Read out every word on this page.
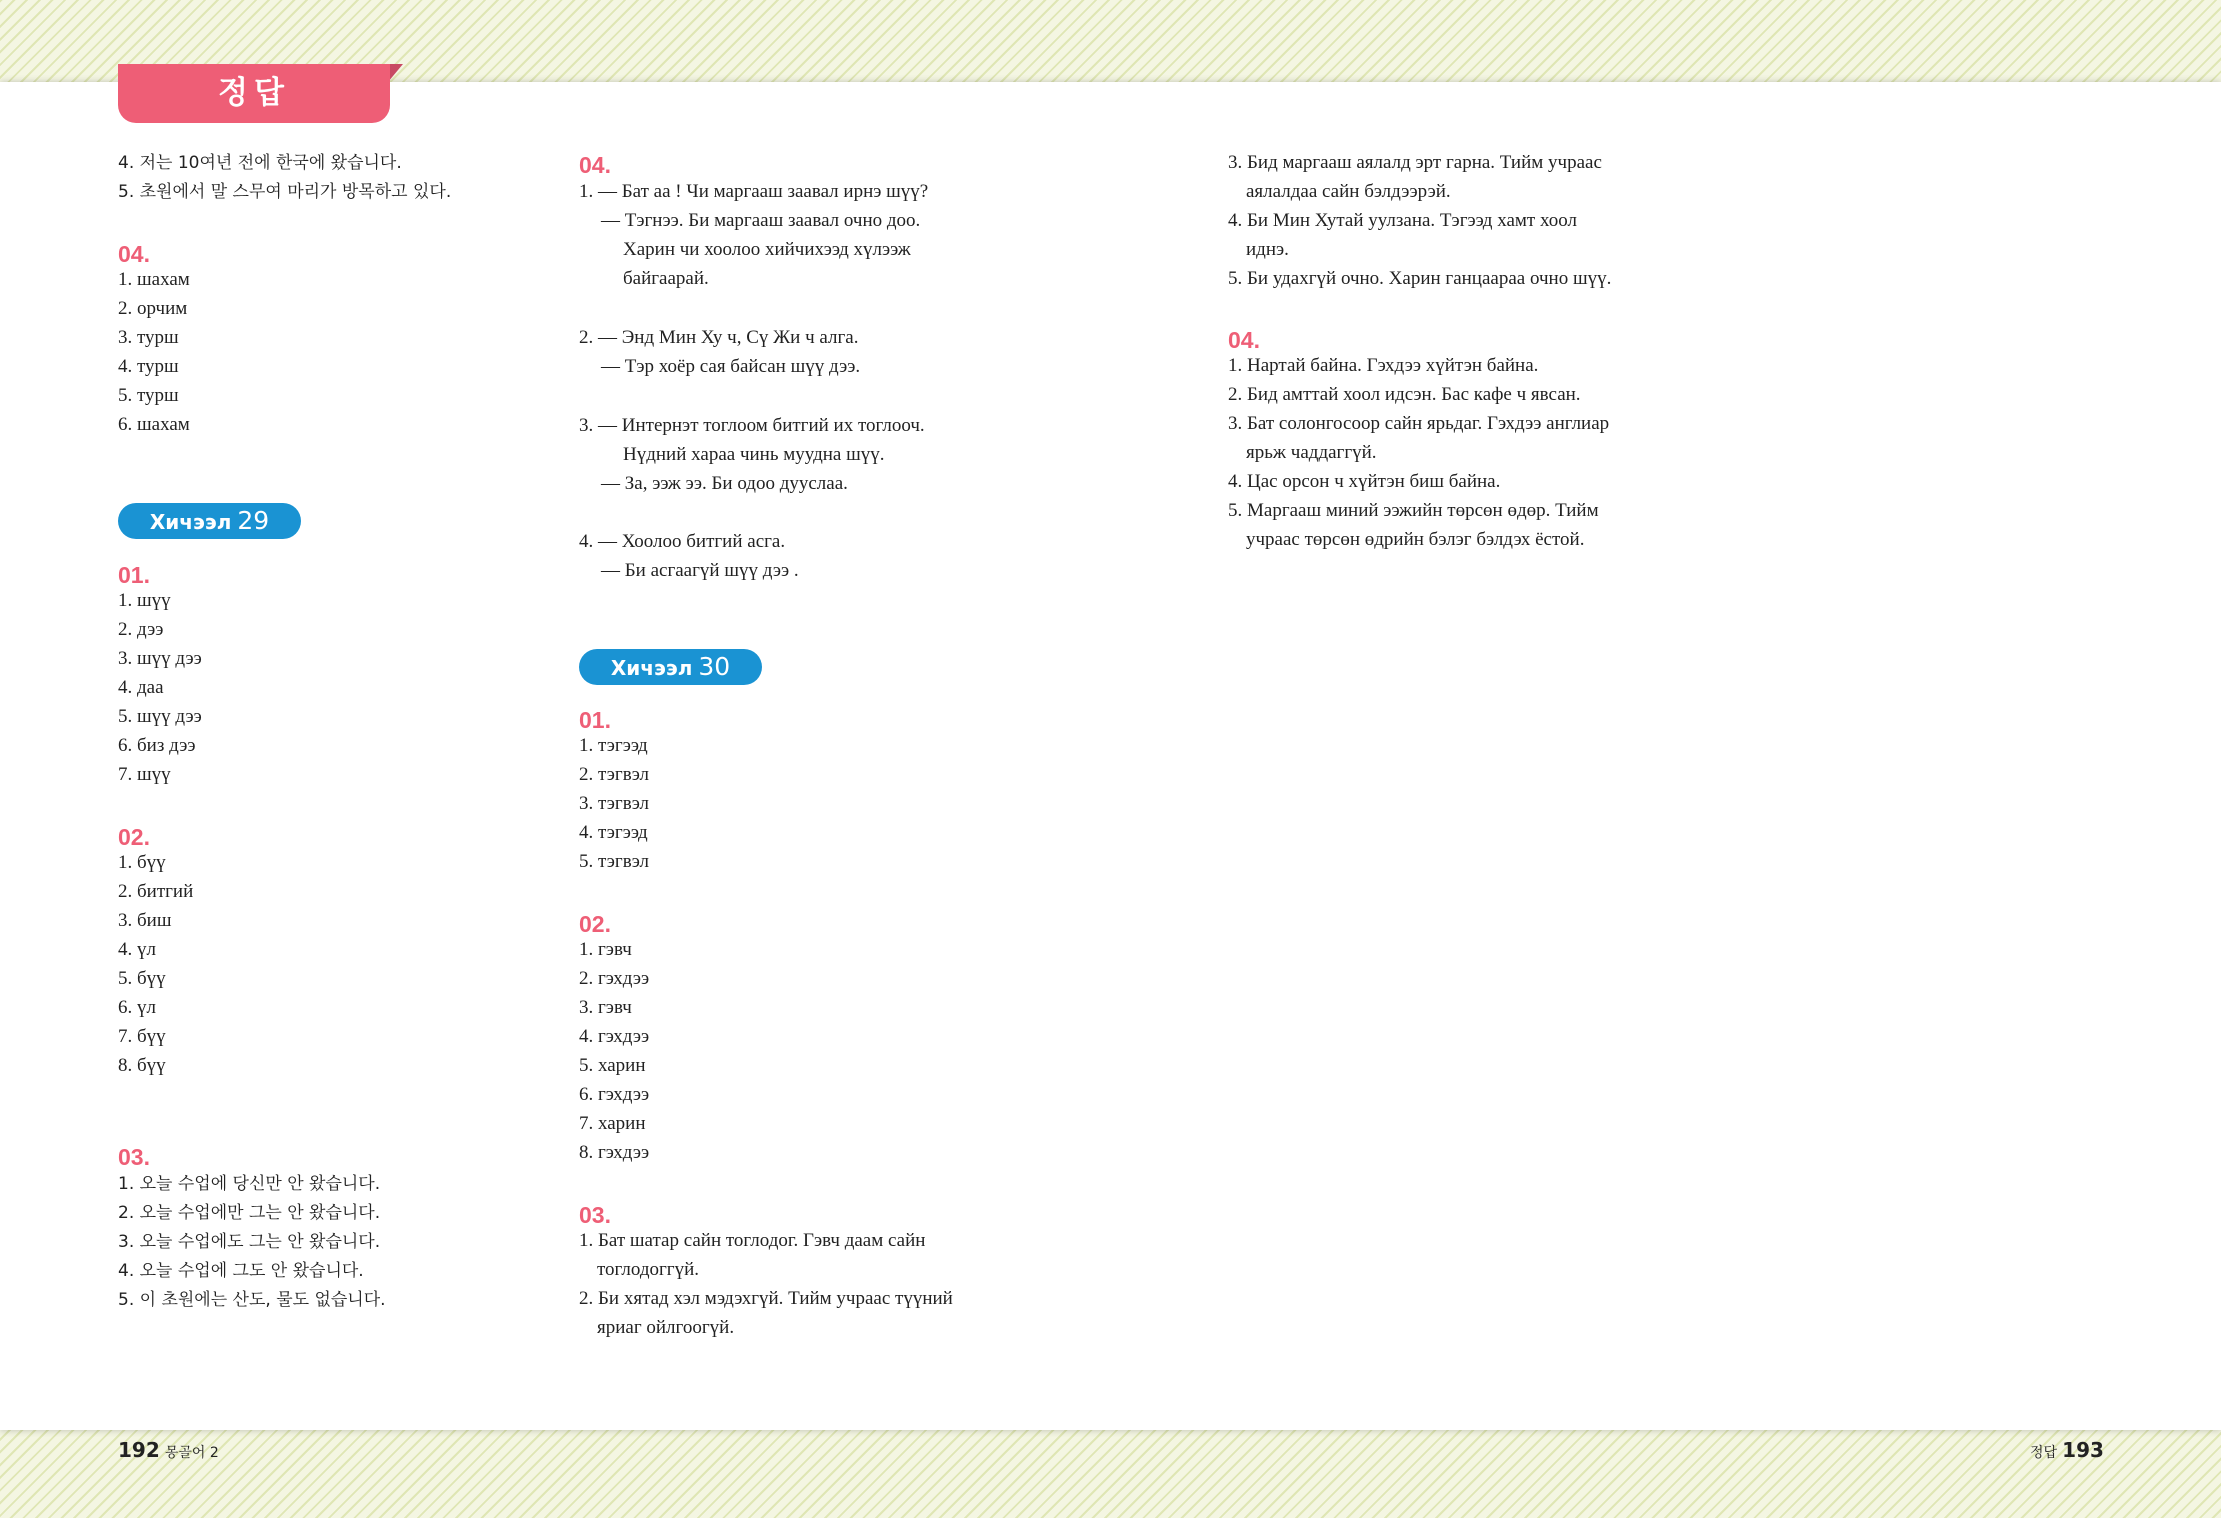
정답
4. 저는 10여년 전에 한국에 왔습니다.
5. 초원에서 말 스무여 마리가 방목하고 있다.
04.
1. шахам
2. орчим
3. турш
4. турш
5. турш
6. шахам
Хичээл 29
01.
1. шүү
2. дээ
3. шүү дээ
4. даа
5. шүү дээ
6. биз дээ
7. шүү
02.
1. бүү
2. битгий
3. биш
4. үл
5. бүү
6. үл
7. бүү
8. бүү
03.
1. 오늘 수업에 당신만 안 왔습니다.
2. 오늘 수업에만 그는 안 왔습니다.
3. 오늘 수업에도 그는 안 왔습니다.
4. 오늘 수업에 그도 안 왔습니다.
5. 이 초원에는 산도, 물도 없습니다.
04.
1. — Бат аа ! Чи маргааш заавал ирнэ шүү?
— Тэгнээ. Би маргааш заавал очно доо.
Харин чи хоолоо хийчихээд хүлээж
байгаарай.
2. — Энд Мин Ху ч, Сү Жи ч алга.
— Тэр хоёр сая байсан шүү дээ.
3. — Интернэт тоглоом битгий их тоглооч.
Нүдний хараа чинь муудна шүү.
— За, ээж ээ. Би одоо дууслаа.
4. — Хоолоо битгий асга.
— Би асгаагүй шүү дээ .
Хичээл 30
01.
1. тэгээд
2. тэгвэл
3. тэгвэл
4. тэгээд
5. тэгвэл
02.
1. гэвч
2. гэхдээ
3. гэвч
4. гэхдээ
5. харин
6. гэхдээ
7. харин
8. гэхдээ
03.
1. Бат шатар сайн тоглодог. Гэвч даам сайн
тоглодоггүй.
2. Би хятад хэл мэдэхгүй. Тийм учраас түүний
яриаг ойлгоогүй.
3. Бид маргааш аялалд эрт гарна. Тийм учраас
аялалдаа сайн бэлдээрэй.
4. Би Мин Хутай уулзана. Тэгээд хамт хоол
иднэ.
5. Би удахгүй очно. Харин ганцаараа очно шүү.
04.
1. Нартай байна. Гэхдээ хүйтэн байна.
2. Бид амттай хоол идсэн. Бас кафе ч явсан.
3. Бат солонгосоор сайн ярьдаг. Гэхдээ англиар
ярьж чаддаггүй.
4. Цас орсон ч хүйтэн биш байна.
5. Маргааш миний ээжийн төрсөн өдөр. Тийм
учраас төрсөн өдрийн бэлэг бэлдэх ёстой.
192 몽골어 2	정답 193
